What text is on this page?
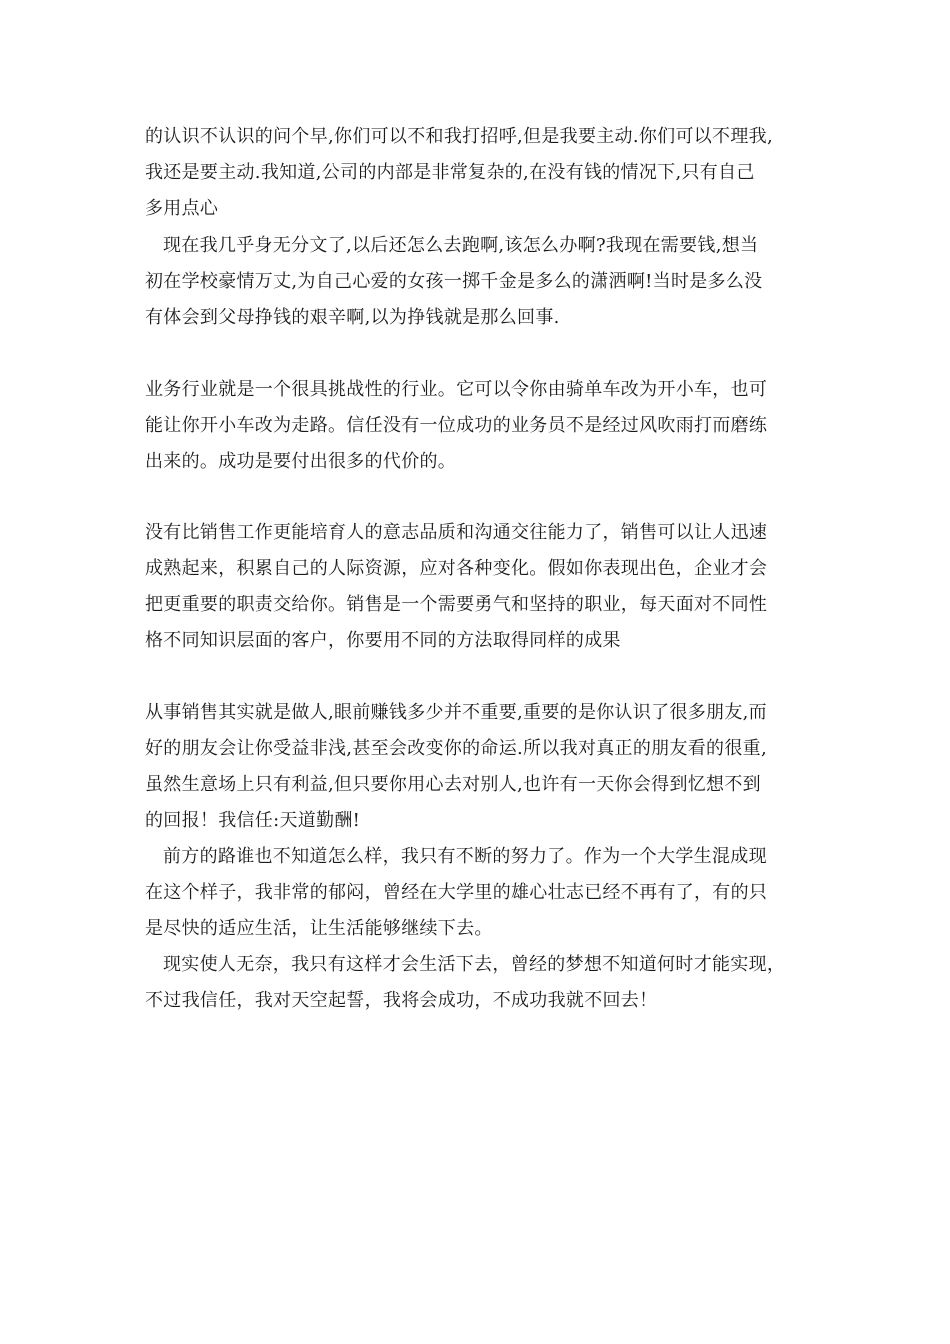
的认识不认识的问个早,你们可以不和我打招呼,但是我要主动.你们可以不理我,
我还是要主动.我知道,公司的内部是非常复杂的,在没有钱的情况下,只有自己
多用点心
现在我几乎身无分文了,以后还怎么去跑啊,该怎么办啊?我现在需要钱,想当
初在学校豪情万丈,为自己心爱的女孩一掷千金是多么的潇洒啊!当时是多么没
有体会到父母挣钱的艰辛啊,以为挣钱就是那么回事.
业务行业就是一个很具挑战性的行业。它可以令你由骑单车改为开小车，也可
能让你开小车改为走路。信任没有一位成功的业务员不是经过风吹雨打而磨练
出来的。成功是要付出很多的代价的。
没有比销售工作更能培育人的意志品质和沟通交往能力了，销售可以让人迅速
成熟起来，积累自己的人际资源，应对各种变化。假如你表现出色，企业才会
把更重要的职责交给你。销售是一个需要勇气和坚持的职业，每天面对不同性
格不同知识层面的客户，你要用不同的方法取得同样的成果
从事销售其实就是做人,眼前赚钱多少并不重要,重要的是你认识了很多朋友,而
好的朋友会让你受益非浅,甚至会改变你的命运.所以我对真正的朋友看的很重,
虽然生意场上只有利益,但只要你用心去对别人,也许有一天你会得到忆想不到
的回报！我信任:天道勤酬!
前方的路谁也不知道怎么样，我只有不断的努力了。作为一个大学生混成现
在这个样子，我非常的郁闷，曾经在大学里的雄心壮志已经不再有了，有的只
是尽快的适应生活，让生活能够继续下去。
现实使人无奈，我只有这样才会生活下去，曾经的梦想不知道何时才能实现，
不过我信任，我对天空起誓，我将会成功，不成功我就不回去！
